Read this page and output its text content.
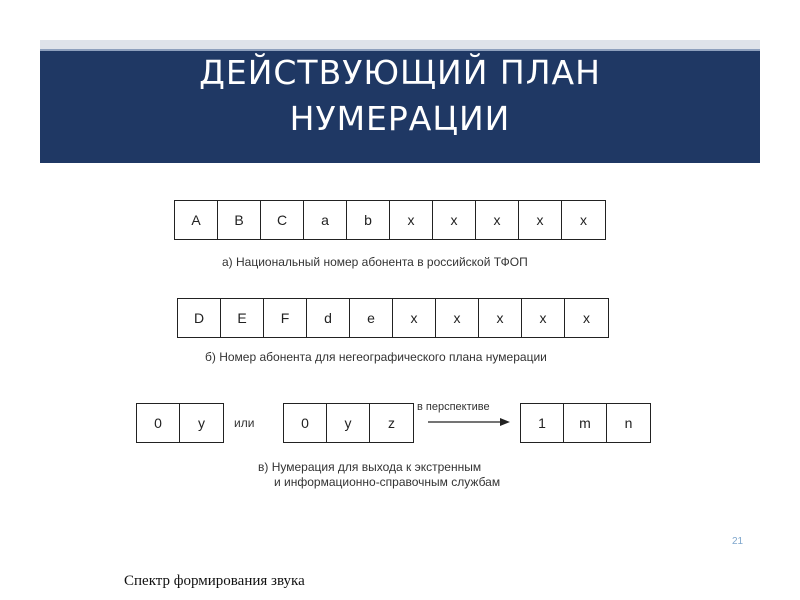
ДЕЙСТВУЮЩИЙ ПЛАН
НУМЕРАЦИИ
A	B	C	a	b	x	x	x	x	x
а) Национальный номер абонента в российской ТФОП
D	E	F	d	e	x	x	x	x	x
б) Номер абонента для негеографического плана нумерации
0	y	или	0	y	z
в перспективе
1	m	n
в) Нумерация для выхода к экстренным
и информационно-справочным службам
21
Спектр формирования звука
